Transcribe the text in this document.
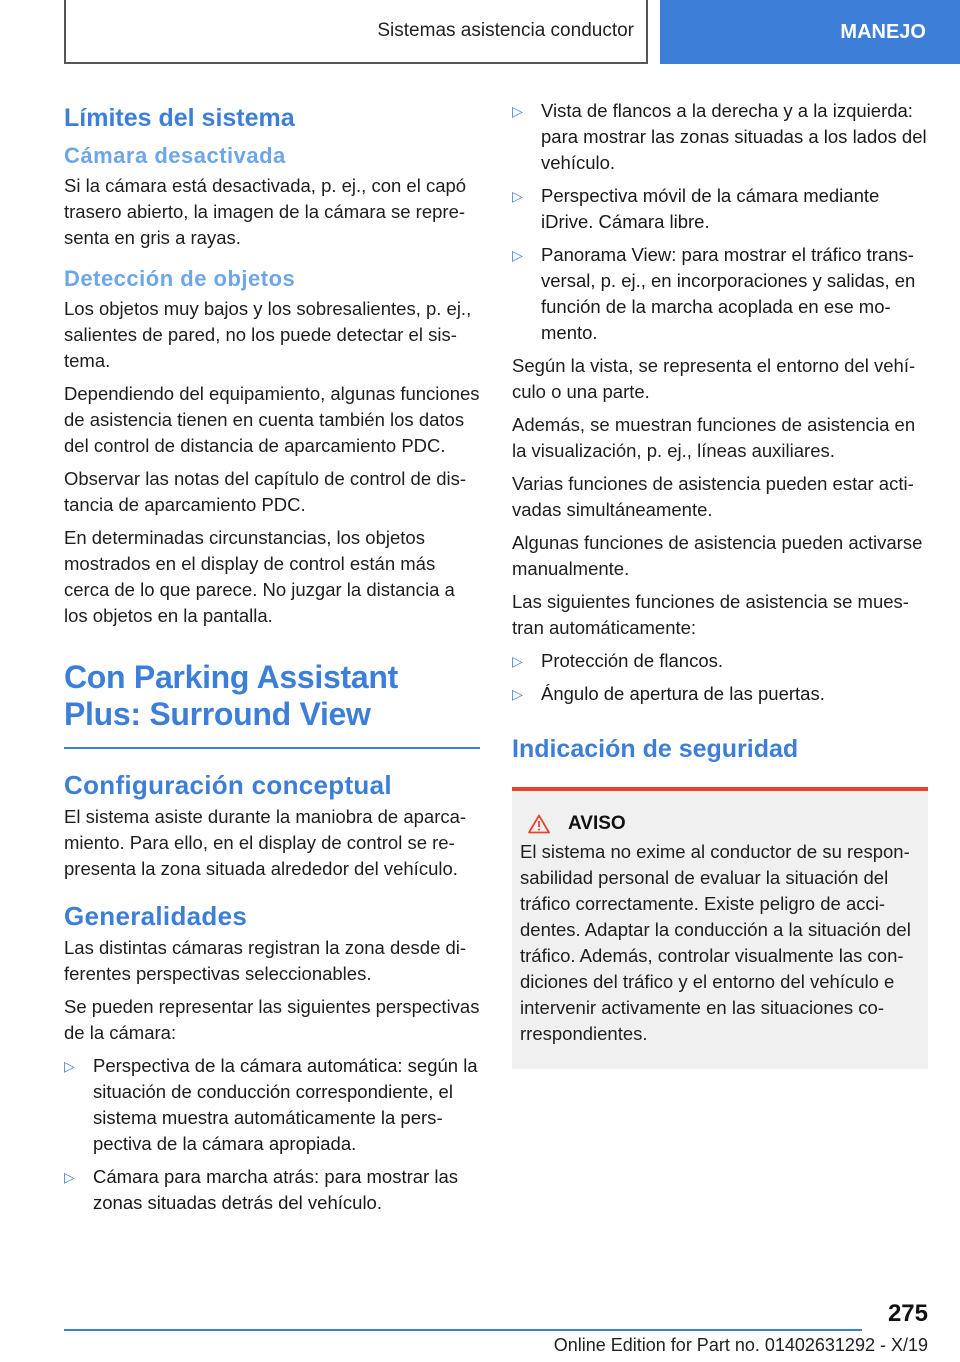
Sistemas asistencia conductor	MANEJO
Límites del sistema
Cámara desactivada

Si la cámara está desactivada, p. ej., con el capó trasero abierto, la imagen de la cámara se representa en gris a rayas.

Detección de objetos

Los objetos muy bajos y los sobresalientes, p. ej., salientes de pared, no los puede detectar el sistema.

Dependiendo del equipamiento, algunas funciones de asistencia tienen en cuenta también los datos del control de distancia de aparcamiento PDC.

Observar las notas del capítulo de control de distancia de aparcamiento PDC.

En determinadas circunstancias, los objetos mostrados en el display de control están más cerca de lo que parece. No juzgar la distancia a los objetos en la pantalla.

Con Parking Assistant Plus: Surround View
Configuración conceptual

El sistema asiste durante la maniobra de aparcamiento. Para ello, en el display de control se representa la zona situada alrededor del vehículo.

Generalidades

Las distintas cámaras registran la zona desde diferentes perspectivas seleccionables.

Se pueden representar las siguientes perspectivas de la cámara:

▷ Perspectiva de la cámara automática: según la situación de conducción correspondiente, el sistema muestra automáticamente la perspectiva de la cámara apropiada.
▷ Cámara para marcha atrás: para mostrar las zonas situadas detrás del vehículo.
▷ Vista de flancos a la derecha y a la izquierda: para mostrar las zonas situadas a los lados del vehículo.
▷ Perspectiva móvil de la cámara mediante iDrive. Cámara libre.
▷ Panorama View: para mostrar el tráfico transversal, p. ej., en incorporaciones y salidas, en función de la marcha acoplada en ese momento.

Según la vista, se representa el entorno del vehículo o una parte.

Además, se muestran funciones de asistencia en la visualización, p. ej., líneas auxiliares.

Varias funciones de asistencia pueden estar activadas simultáneamente.

Algunas funciones de asistencia pueden activarse manualmente.

Las siguientes funciones de asistencia se muestran automáticamente:

▷ Protección de flancos.
▷ Ángulo de apertura de las puertas.
Indicación de seguridad
AVISO

El sistema no exime al conductor de su responsabilidad personal de evaluar la situación del tráfico correctamente. Existe peligro de accidentes. Adaptar la conducción a la situación del tráfico. Además, controlar visualmente las condiciones del tráfico y el entorno del vehículo e intervenir activamente en las situaciones correspondientes.

275
Online Edition for Part no. 01402631292 - X/19
